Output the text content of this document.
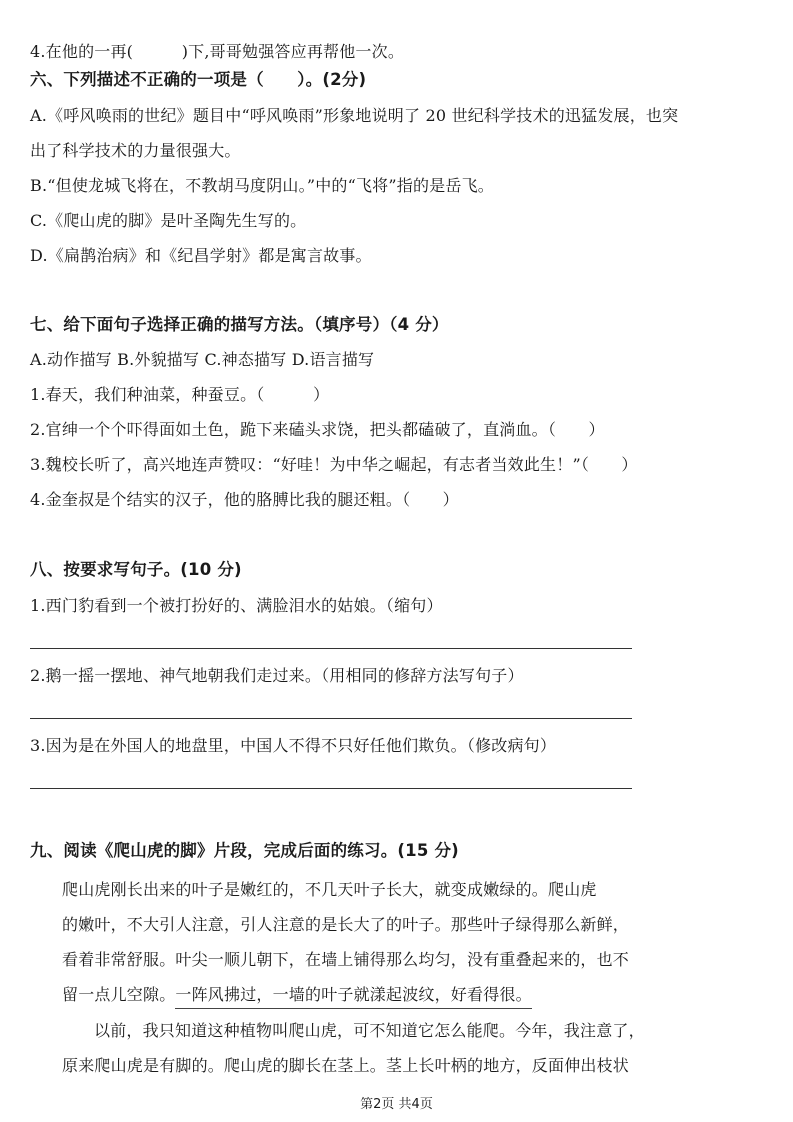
4.在他的一再(　　　)下,哥哥勉强答应再帮他一次。
六、下列描述不正确的一项是（　　）。(2分)
A.《呼风唤雨的世纪》题目中“呼风唤雨”形象地说明了 20 世纪科学技术的迅猛发展，也突
出了科学技术的力量很强大。
B.“但使龙城飞将在，不教胡马度阴山。”中的“飞将”指的是岳飞。
C.《爬山虎的脚》是叶圣陶先生写的。
D.《扁鹊治病》和《纪昌学射》都是寓言故事。
七、给下面句子选择正确的描写方法。（填序号）（4 分）
A.动作描写 B.外貌描写 C.神态描写 D.语言描写
1.春天，我们种油菜，种蚕豆。（　　　）
2.官绅一个个吓得面如土色，跪下来磕头求饶，把头都磕破了，直淌血。（　　）
3.魏校长听了，高兴地连声赞叹：“好哇！为中华之崛起，有志者当效此生！”（　　）
4.金奎叔是个结实的汉子，他的胳膊比我的腿还粗。（　　）
八、按要求写句子。(10 分)
1.西门豹看到一个被打扮好的、满脸泪水的姑娘。（缩句）
2.鹅一摇一摆地、神气地朝我们走过来。（用相同的修辞方法写句子）
3.因为是在外国人的地盘里，中国人不得不只好任他们欺负。（修改病句）
九、阅读《爬山虎的脚》片段，完成后面的练习。(15 分)
爬山虎刚长出来的叶子是嫩红的，不几天叶子长大，就变成嫩绿的。爬山虎
的嫩叶，不大引人注意，引人注意的是长大了的叶子。那些叶子绿得那么新鲜，
看着非常舒服。叶尖一顺儿朝下，在墙上铺得那么均匀，没有重叠起来的，也不
留一点儿空隙。一阵风拂过，一墙的叶子就漾起波纹，好看得很。
以前，我只知道这种植物叫爬山虎，可不知道它怎么能爬。今年，我注意了，
原来爬山虎是有脚的。爬山虎的脚长在茎上。茎上长叶柄的地方，反面伸出枝状
第2页 共4页
